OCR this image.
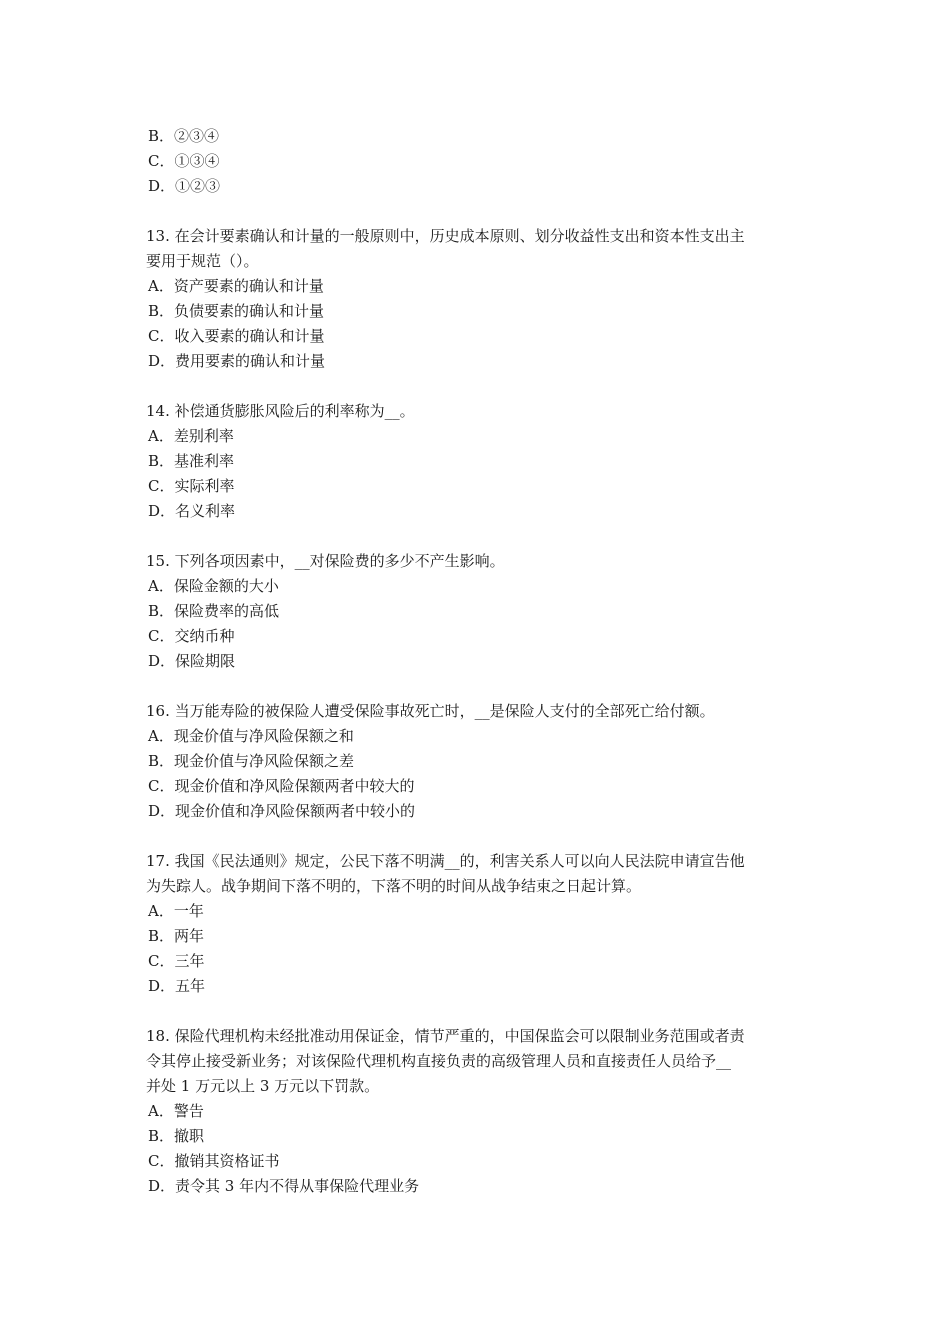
B．②③④
C．①③④
D．①②③
13. 在会计要素确认和计量的一般原则中，历史成本原则、划分收益性支出和资本性支出主
要用于规范（）。
A．资产要素的确认和计量
B．负债要素的确认和计量
C．收入要素的确认和计量
D．费用要素的确认和计量
14. 补偿通货膨胀风险后的利率称为__。
A．差别利率
B．基准利率
C．实际利率
D．名义利率
15. 下列各项因素中，__对保险费的多少不产生影响。
A．保险金额的大小
B．保险费率的高低
C．交纳币种
D．保险期限
16. 当万能寿险的被保险人遭受保险事故死亡时，__是保险人支付的全部死亡给付额。
A．现金价值与净风险保额之和
B．现金价值与净风险保额之差
C．现金价值和净风险保额两者中较大的
D．现金价值和净风险保额两者中较小的
17. 我国《民法通则》规定，公民下落不明满__的，利害关系人可以向人民法院申请宣告他
为失踪人。战争期间下落不明的，下落不明的时间从战争结束之日起计算。
A．一年
B．两年
C．三年
D．五年
18. 保险代理机构未经批准动用保证金，情节严重的，中国保监会可以限制业务范围或者责
令其停止接受新业务；对该保险代理机构直接负责的高级管理人员和直接责任人员给予__
并处 1 万元以上 3 万元以下罚款。
A．警告
B．撤职
C．撤销其资格证书
D．责令其 3 年内不得从事保险代理业务
